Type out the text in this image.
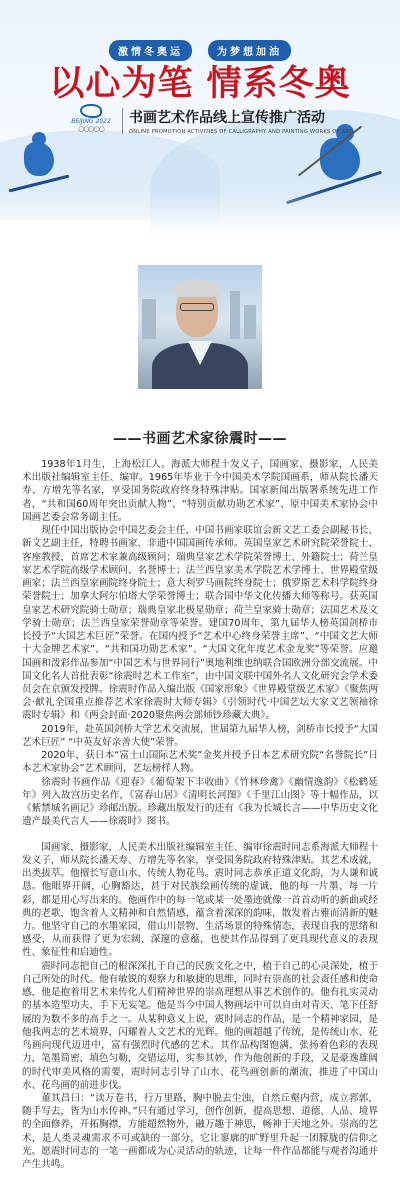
激情冬奥运	为梦想加油
以心为笔 情系冬奥
BEIJING 2022
○○○○○
书画艺术作品线上宣传推广活动
ONLINE PROMOTION ACTIVITIES OF CALLIGRAPHY AND PAINTING WORKS OF ART
——书画艺术家徐震时——

1938年1月生，上海松江人。海派大师程十发义子，国画家、摄影家，人民美术出版社编辑室主任、编审。1965年毕业于今中国美术学院国画系，师从院长潘天寿、方增先等名家，享受国务院政府终身特殊津贴。国家新闻出版署系统先进工作者，“共和国60周年突出贡献人物”、“特别贡献功勋艺术家”、原中国美术家协会中国画艺委会常务副主任。

现任中国出版协会中国艺委会主任，中国书画家联谊会新文艺工委会副秘书长、新文艺副主任，特聘书画家、非遗中国国画传承师。英国皇家艺术研究院荣誉院士、客座教授，首席艺术家兼高级顾问；瑞典皇家艺术学院荣誉博士、外籍院士；荷兰皇家艺术学院高级学术顾问、名誉博士；法兰西皇家美术学院艺术学博士、世界殿堂级画家；法兰西皇家画院终身院士；意大利罗马画院终身院士；俄罗斯艺术科学院终身荣誉院士；加拿大阿尔伯塔大学荣誉博士；联合国中华文化传播大师等称号。获英国皇家艺术研究院骑士勋章；瑞典皇家北极星勋章；荷兰皇家骑士勋章；法国艺术及文学骑士勋章；法兰西皇家荣誉勋章等荣誉。建国70周年，第九届华人榜英国剑桥市长授予“大国艺术巨匠”荣誉。在国内授予“艺术中心终身荣誉主席”、“中国文艺大师十大金牌艺术家”、“共和国功勋艺术家”、“大国文化年度艺术金龙奖”等荣誉。应邀国画和泼彩作品参加“中国艺术与世界同行”奥地利维也纳联合国欧洲分部交流展。中国文化名人首批表彰“徐震时艺术工作室”，由中国文联中国外名人文化研究会学术委员会在京颁发授牌。徐震时作品入编出版《国家形象》《世界殿堂级艺术家》《聚焦两会·献礼全国重点推荐艺术家徐震时大师专辑》《引领时代·中国艺坛大家文艺领袖徐震时专辑》和《两会封面·2020聚焦两会部师钞珍藏大典》。

2019年，赴英国剑桥大学艺术交流展，世届第九届华人榜，剑桥市长授予“大国艺术巨匠” “中英友好亲善大使”荣誉。

2020年，获日本“富士山国际艺术奖”金奖并授予日本艺术研究院“名誉院长”日本艺术家协会”艺术顾问，艺坛榜样人物。

徐震时书画作品《迎春》《葡萄架下丰收曲》《竹林珍禽》《幽情逸韵》《松鹤延年》列入故宫历史名作，《富春山居》《清明长河图》《千里江山图》等十幅作品，以《紫禁城名画记》珍邮出版。珍藏出版发行的还有《我为长城长言——中华历史文化遗产最美代言人——徐震时》图书。

国画家、摄影家，人民美术出版社编辑室主任、编审徐震时同志系海派大师程十发义子，师从院长潘天寿、方增先等名家，享受国务院政府特殊津贴。其艺术成就，出类拔萃。他擅长写意山水、传统人物花鸟。震时同志恭承正道文化韵，为人谦和诚恳。他眼界开阔，心胸豁达，甚于对民族绘画传统的虚诚，他的每一片墨、每一片彩，都是用心写出来的。他画作中的每一笔或某一处墨迹就像一首首动听的新曲或经典的老歌，饱含着人文精神和自然情感，蕴含着深深的韵味，散发着古雅而清新的魅力。他坚守自己的水墨家园，借山川景物、生活场景的特殊情态，表现自我的思绪和感受，从而获得了更为宏阔、深邃的意蕴，也使其作品得到了更具现代意义的表现性、象征性和启迪性。

震时同志把自己的根深深扎于自己的民族文化之中，植于自己的心灵深处，植于自己所处的时代。他有敏锐的观察力和敏捷的思维，同时有崇高的社会责任感和使命感，他是抱着用艺术来传化人们精神世界的崇高理想从事艺术创作的。他有扎实灵动的基本造型功夫，手下无妄笔。他是当今中国人物画坛中可以自由对青天、笔下任舒展的为数不多的高手之一。从某种意义上说，震时同志的作品，是一个精神家园，是他我两志的艺术境界，闪耀着人文艺术的光辉。他的画超越了传统，是传统山水、花鸟画向现代迈进中，富有强烈时代感的艺术。其作品构图饱满，张扬着色彩的表现力，笔墨简密，填色匀勒，交错运用，实参其妙，作为他创新的手段，又是豪逸雄阔的时代审美风格的需要，震时同志引导了山水、花鸟画创新的潮流，推进了中国山水、花鸟画的前进步伐。

董其昌曰：“读万卷书，行万里路，胸中脱去尘浊，自然丘壑内营，成立郛郭，随手写去，皆为山水传神。”只有通过学习，创作创新，提高思想、道德、人品、境界的全面修养，开拓胸襟，方能超然物外，融万趣于神思，畅神于天地之外。崇高的艺术，是人类灵魂需求不可或缺的一部分，它让寥廓的旷野里升起一团朦胧的信仰之光。愿震时同志的一笔一画都成为心灵活动的轨迹，让每一件作品都能与观者沟通并产生共鸣。
